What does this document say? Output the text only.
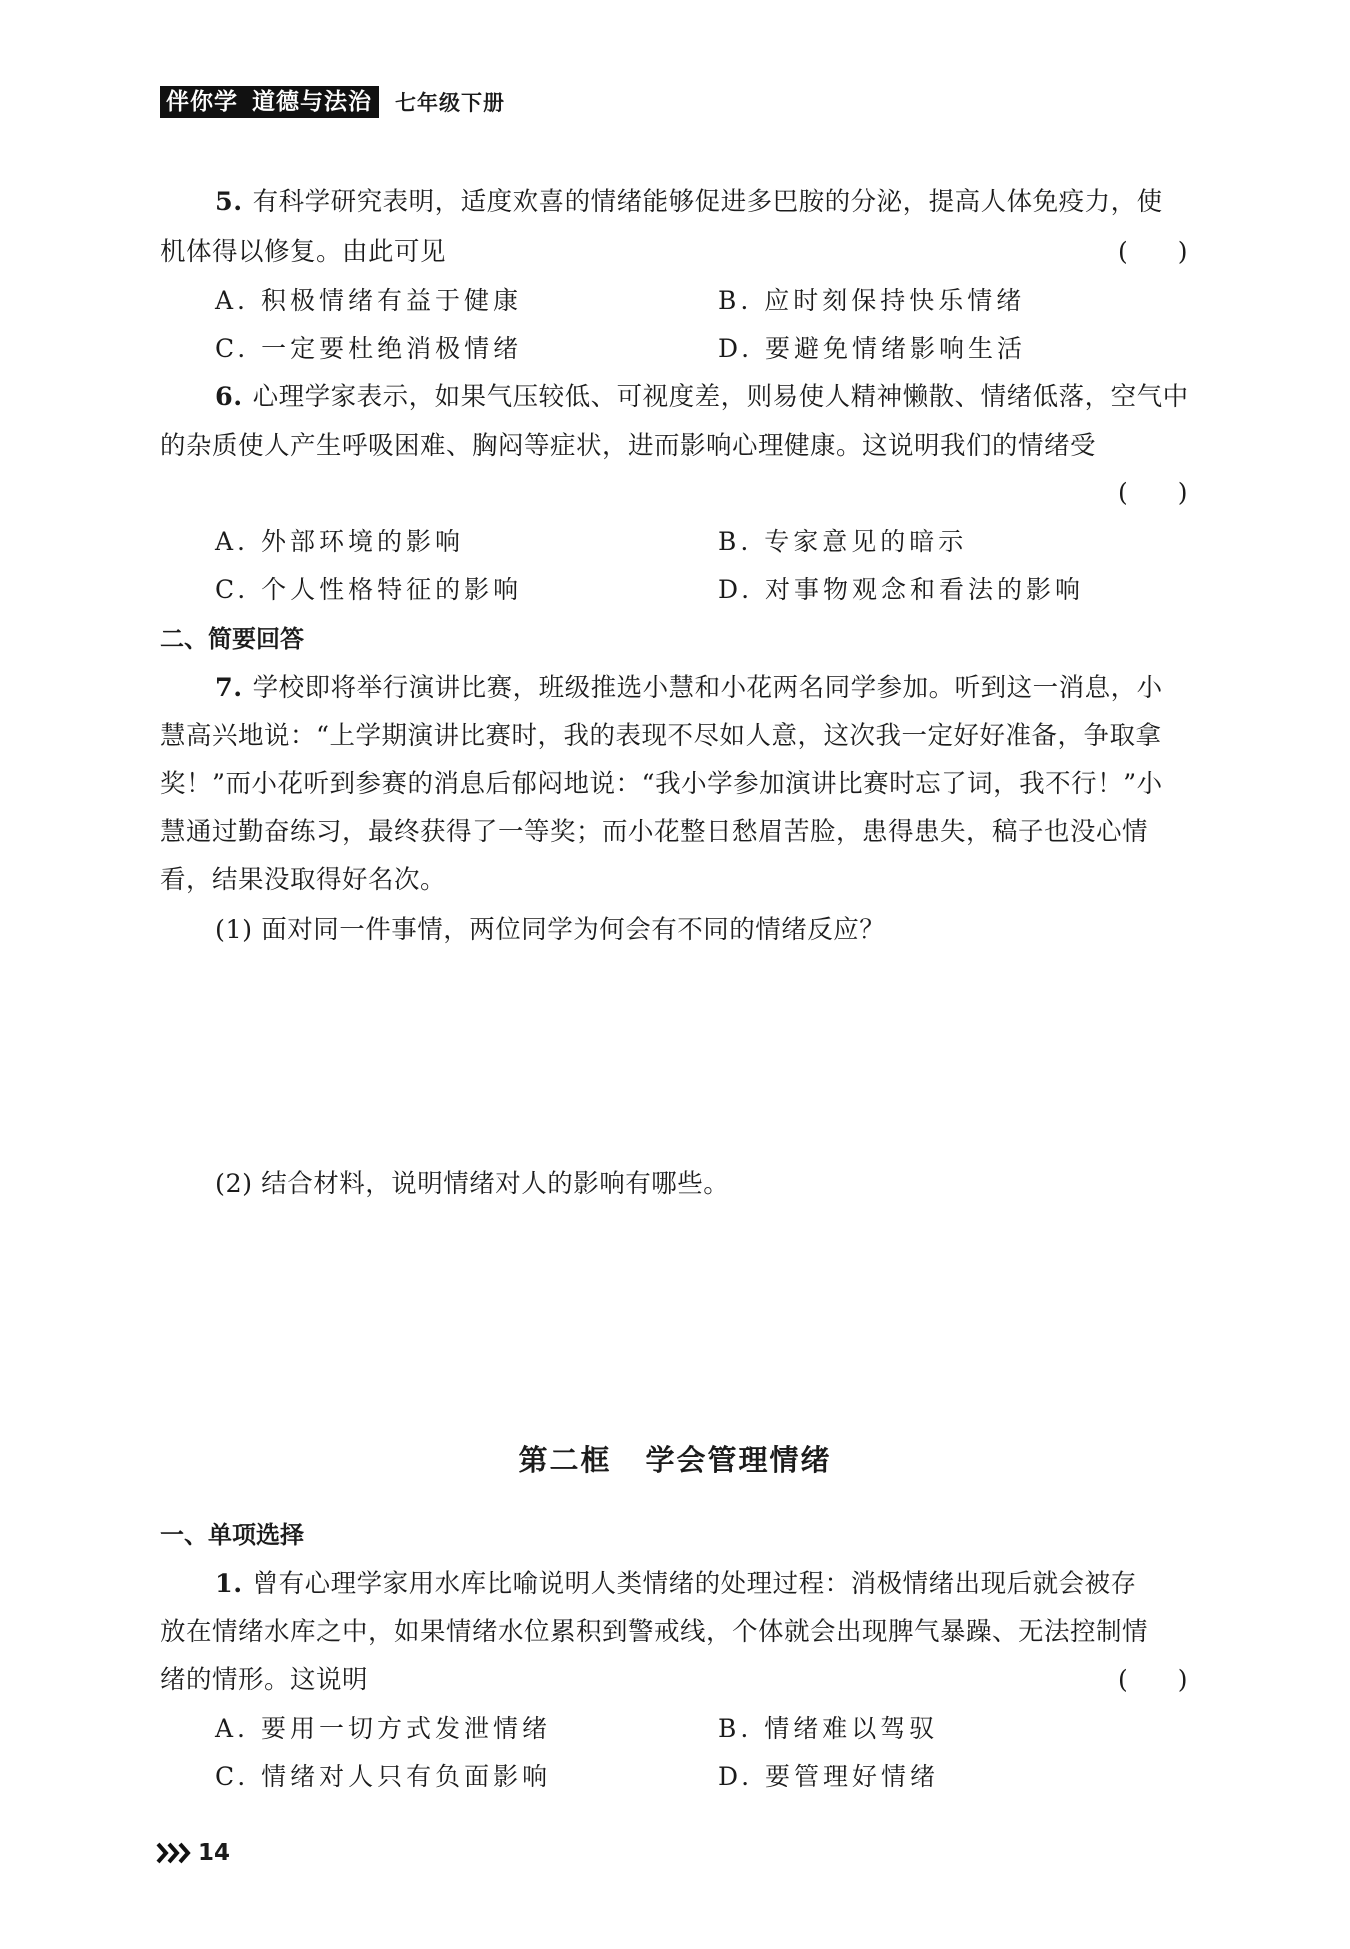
伴你学 道德与法治	七年级下册
5. 有科学研究表明，适度欢喜的情绪能够促进多巴胺的分泌，提高人体免疫力，使
机体得以修复。由此可见	(　　)
A. 积极情绪有益于健康	B. 应时刻保持快乐情绪
C. 一定要杜绝消极情绪	D. 要避免情绪影响生活
6. 心理学家表示，如果气压较低、可视度差，则易使人精神懒散、情绪低落，空气中
的杂质使人产生呼吸困难、胸闷等症状，进而影响心理健康。这说明我们的情绪受
(　　)
A. 外部环境的影响	B. 专家意见的暗示
C. 个人性格特征的影响	D. 对事物观念和看法的影响
二、简要回答
7. 学校即将举行演讲比赛，班级推选小慧和小花两名同学参加。听到这一消息，小
慧高兴地说：“上学期演讲比赛时，我的表现不尽如人意，这次我一定好好准备，争取拿
奖！”而小花听到参赛的消息后郁闷地说：“我小学参加演讲比赛时忘了词，我不行！”小
慧通过勤奋练习，最终获得了一等奖；而小花整日愁眉苦脸，患得患失，稿子也没心情
看，结果没取得好名次。
(1) 面对同一件事情，两位同学为何会有不同的情绪反应？
(2) 结合材料，说明情绪对人的影响有哪些。
第二框 学会管理情绪
一、单项选择
1. 曾有心理学家用水库比喻说明人类情绪的处理过程：消极情绪出现后就会被存
放在情绪水库之中，如果情绪水位累积到警戒线，个体就会出现脾气暴躁、无法控制情
绪的情形。这说明	(　　)
A. 要用一切方式发泄情绪	B. 情绪难以驾驭
C. 情绪对人只有负面影响	D. 要管理好情绪
14
